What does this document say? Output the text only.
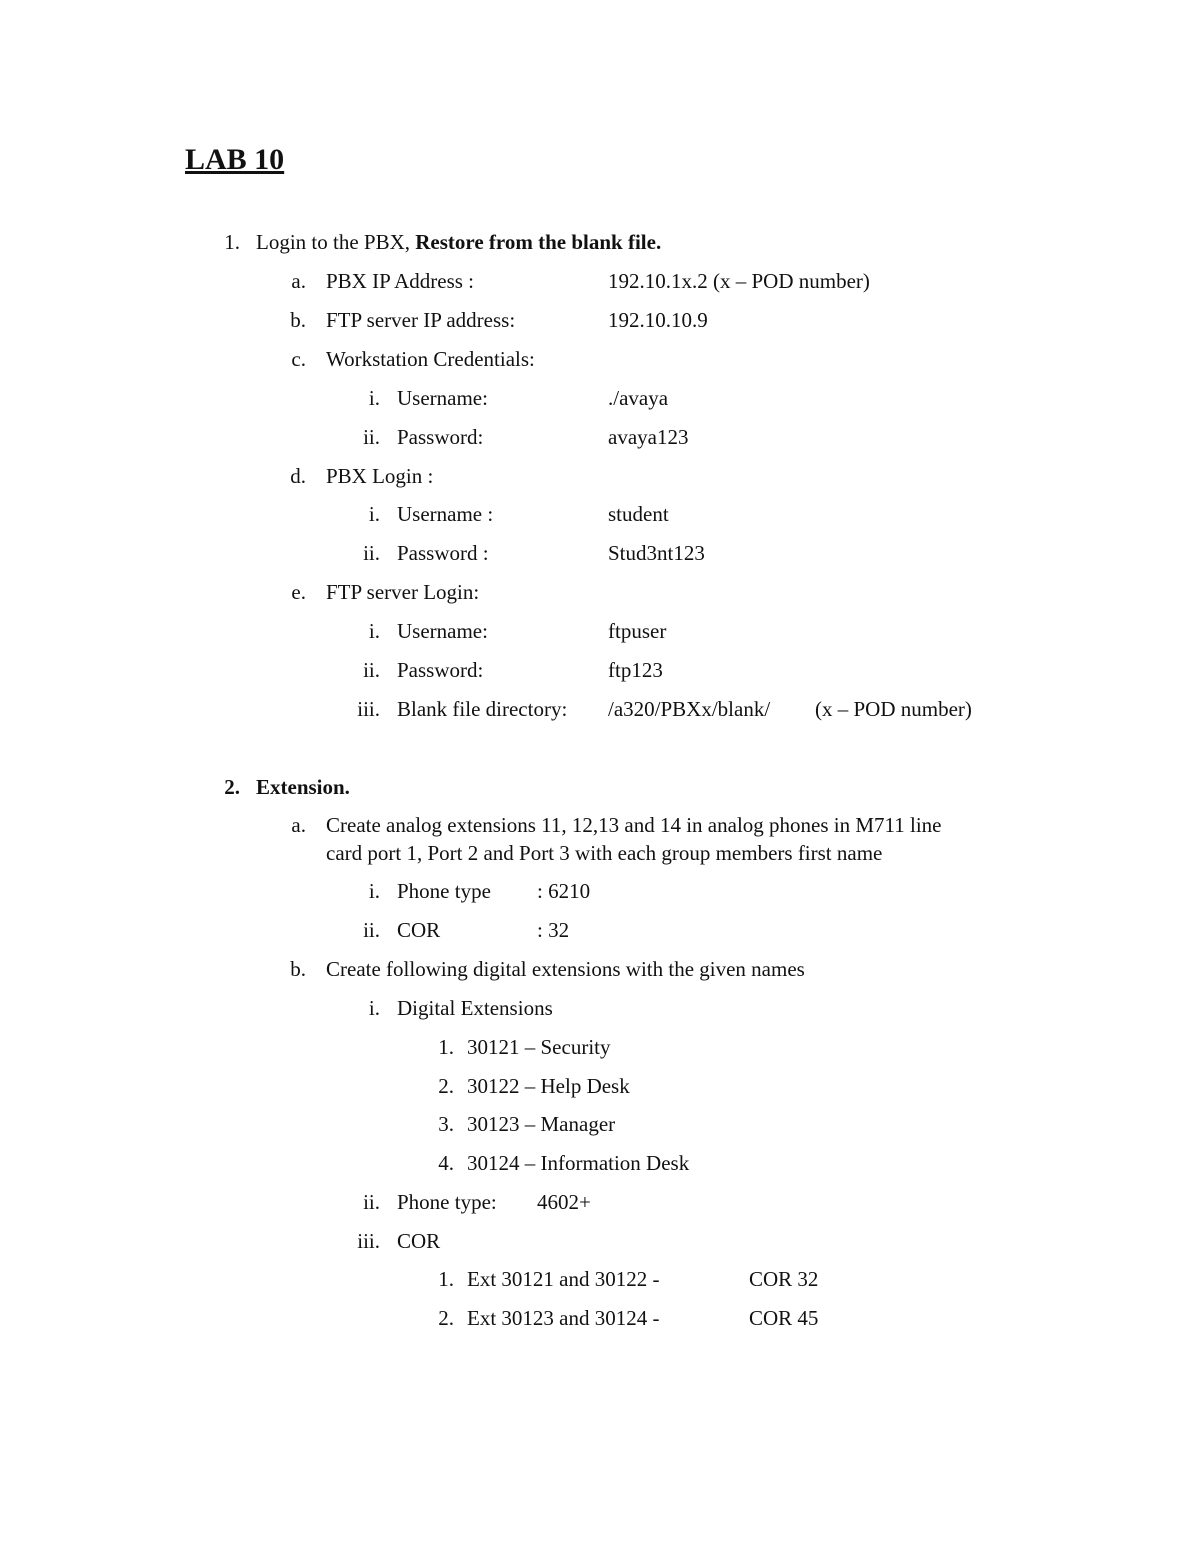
LAB 10
1. Login to the PBX, Restore from the blank file.
a. PBX IP Address :	192.10.1x.2 (x – POD number)
b. FTP server IP address:	192.10.10.9
c. Workstation Credentials:
i. Username:	./avaya
ii. Password:	avaya123
d. PBX Login :
i. Username :	student
ii. Password :	Stud3nt123
e. FTP server Login:
i. Username:	ftpuser
ii. Password:	ftp123
iii. Blank file directory: /a320/PBXx/blank/ (x – POD number)
2. Extension.
a. Create analog extensions 11, 12,13 and 14 in analog phones in M711 line
card port 1, Port 2 and Port 3 with each group members first name
i. Phone type : 6210
ii. COR	: 32
b. Create following digital extensions with the given names
i. Digital Extensions
1. 30121 – Security
2. 30122 – Help Desk
3. 30123 – Manager
4. 30124 – Information Desk
ii. Phone type: 4602+
iii. COR
1. Ext 30121 and 30122 -	COR 32
2. Ext 30123 and 30124 -	COR 45
